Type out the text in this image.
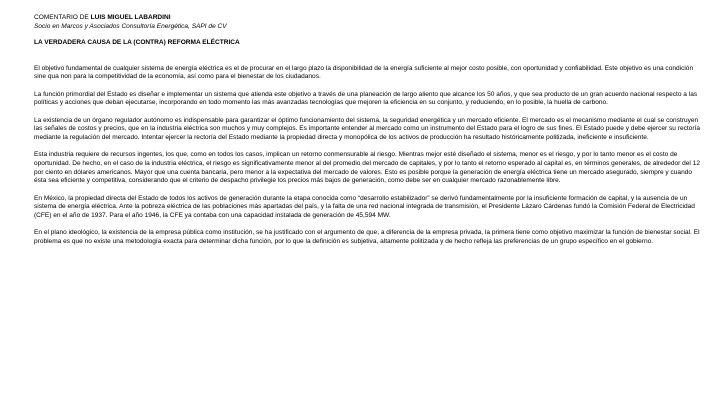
COMENTARIO DE LUIS MIGUEL LABARDINI

Socio en Marcos y Asociados Consultoría Energética, SAPI de CV

LA VERDADERA CAUSA DE LA (CONTRA) REFORMA ELÉCTRICA

El objetivo fundamental de cualquier sistema de energía eléctrica es el de procurar en el largo plazo la disponibilidad de la energía suficiente al mejor costo posible, con oportunidad y confiabilidad. Este objetivo es una condición sine qua non para la competitividad de la economía, así como para el bienestar de los ciudadanos.

La función primordial del Estado es diseñar e implementar un sistema que atienda este objetivo a través de una planeación de largo aliento que alcance los 50 años, y que sea producto de un gran acuerdo nacional respecto a las políticas y acciones que deban ejecutarse, incorporando en todo momento las más avanzadas tecnologías que mejoren la eficiencia en su conjunto, y reduciendo, en lo posible, la huella de carbono.

La existencia de un órgano regulador autónomo es indispensable para garantizar el óptimo funcionamiento del sistema, la seguridad energética y un mercado eficiente. El mercado es el mecanismo mediante el cual se construyen las señales de costos y precios, que en la industria eléctrica son muchos y muy complejos. Es importante entender al mercado como un instrumento del Estado para el logro de sus fines. El Estado puede y debe ejercer su rectoría mediante la regulación del mercado. Intentar ejercer la rectoría del Estado mediante la propiedad directa y monopólica de los activos de producción ha resultado históricamente politizada, ineficiente e insuficiente.

Esta industria requiere de recursos ingentes, los que, como en todos los casos, implican un retorno conmensurable al riesgo. Mientras mejor esté diseñado el sistema, menor es el riesgo, y por lo tanto menor es el costo de oportunidad. De hecho, en el caso de la industria eléctrica, el riesgo es significativamente menor al del promedio del mercado de capitales, y por lo tanto el retorno esperado al capital es, en términos generales, de alrededor del 12 por ciento en dólares americanos. Mayor que una cuenta bancaria, pero menor a la expectativa del mercado de valores. Esto es posible porque la generación de energía eléctrica tiene un mercado asegurado, siempre y cuando ésta sea eficiente y competitiva, considerando que el criterio de despacho privilegie los precios más bajos de generación, como debe ser en cualquier mercado razonablemente libre.

En México, la propiedad directa del Estado de todos los activos de generación durante la etapa conocida como “desarrollo estabilizador” se derivó fundamentalmente por la insuficiente formación de capital, y la ausencia de un sistema de energía eléctrica. Ante la pobreza eléctrica de las poblaciones más apartadas del país, y la falta de una red nacional integrada de transmisión, el Presidente Lázaro Cárdenas fundó la Comisión Federal de Electricidad (CFE) en el año de 1937. Para el año 1946, la CFE ya contaba con una capacidad instalada de generación de 45,594 MW.

En el plano ideológico, la existencia de la empresa pública como institución, se ha justificado con el argumento de que, a diferencia de la empresa privada, la primera tiene como objetivo maximizar la función de bienestar social. El problema es que no existe una metodología exacta para determinar dicha función, por lo que la definición es subjetiva, altamente politizada y de hecho refleja las preferencias de un grupo específico en el gobierno.
